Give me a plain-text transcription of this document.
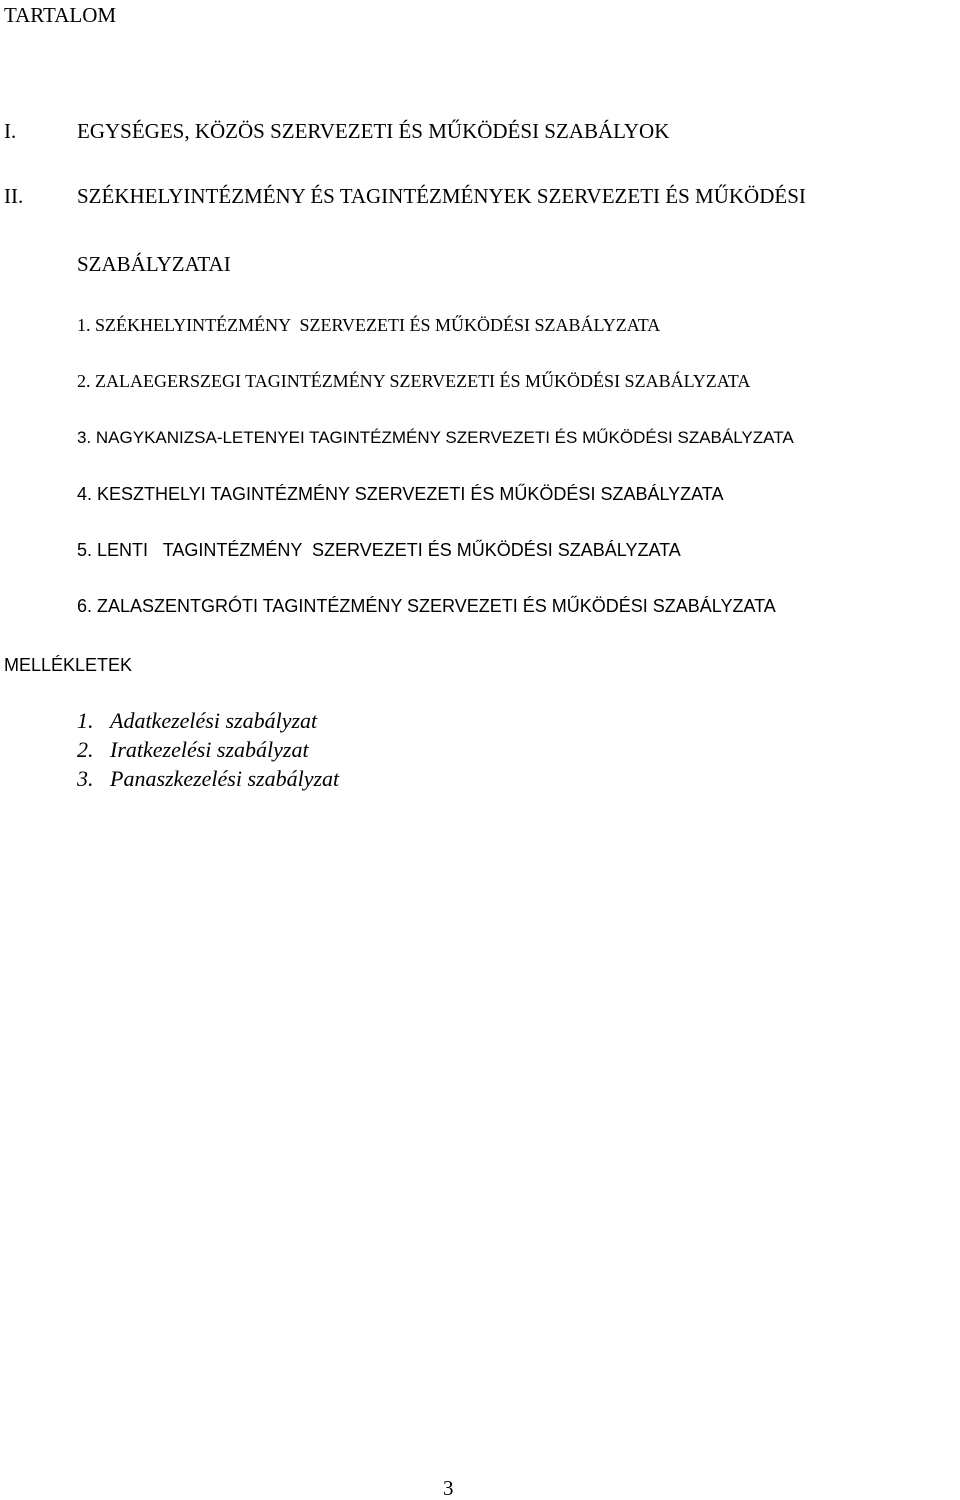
TARTALOM
I.	EGYSÉGES, KÖZÖS SZERVEZETI ÉS MŰKÖDÉSI SZABÁLYOK
II.	SZÉKHELYINTÉZMÉNY ÉS TAGINTÉZMÉNYEK SZERVEZETI ÉS MŰKÖDÉSI
SZABÁLYZATAI
1. SZÉKHELYINTÉZMÉNY  SZERVEZETI ÉS MŰKÖDÉSI SZABÁLYZATA
2. ZALAEGERSZEGI TAGINTÉZMÉNY SZERVEZETI ÉS MŰKÖDÉSI SZABÁLYZATA
3. NAGYKANIZSA-LETENYEI TAGINTÉZMÉNY SZERVEZETI ÉS MŰKÖDÉSI SZABÁLYZATA
4. KESZTHELYI TAGINTÉZMÉNY SZERVEZETI ÉS MŰKÖDÉSI SZABÁLYZATA
5. LENTI   TAGINTÉZMÉNY  SZERVEZETI ÉS MŰKÖDÉSI SZABÁLYZATA
6. ZALASZENTGRÓTI TAGINTÉZMÉNY SZERVEZETI ÉS MŰKÖDÉSI SZABÁLYZATA
MELLÉKLETEK
1. Adatkezelési szabályzat
2. Iratkezelési szabályzat
3. Panaszkezelési szabályzat
3
